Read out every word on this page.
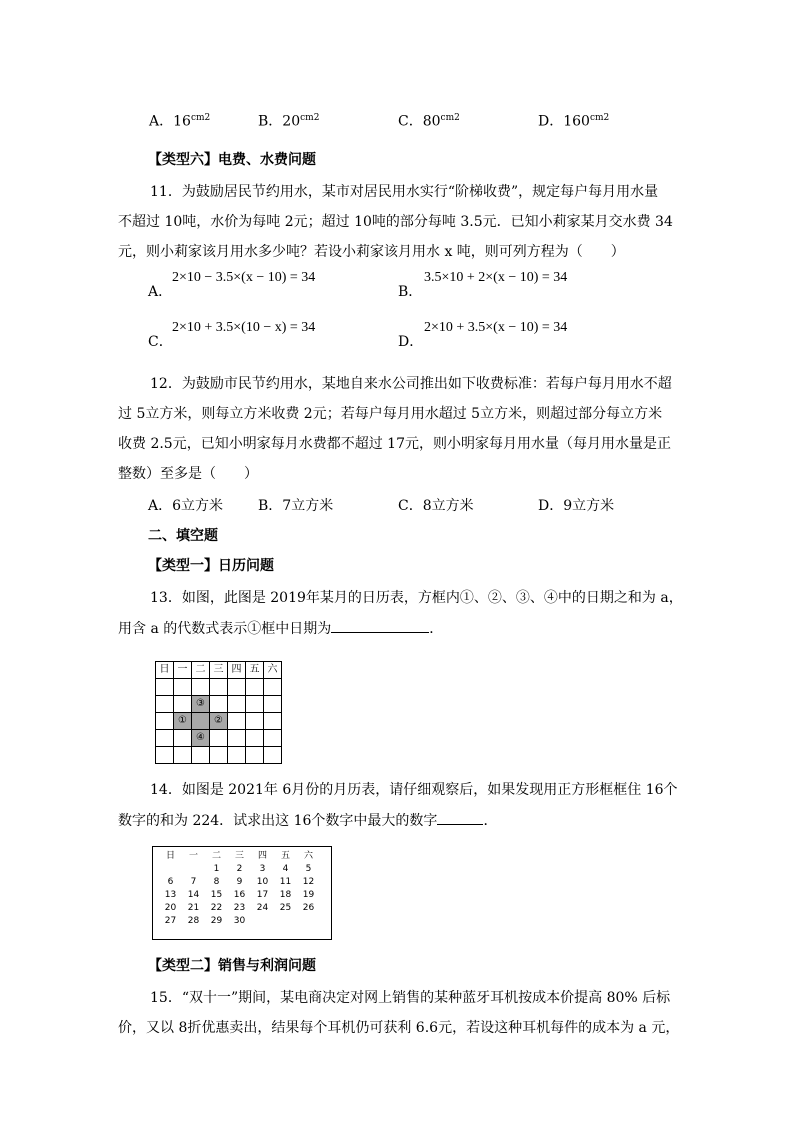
A．$16^{cm2}$	B．$20^{cm2}$	C．$80^{cm2}$	D．$160^{cm2}$
【类型六】电费、水费问题
11．为鼓励居民节约用水，某市对居民用水实行“阶梯收费”，规定每户每月用水量
不超过 10吨，水价为每吨 2元；超过 10吨的部分每吨 3.5元．已知小莉家某月交水费 34
元，则小莉家该月用水多少吨？若设小莉家该月用水 x 吨，则可列方程为（　　）
A．
2×10 − 3.5×(x − 10) = 34
B．
3.5×10 + 2×(x − 10) = 34
C．
2×10 + 3.5×(10 − x) = 34
D．
2×10 + 3.5×(x − 10) = 34
12．为鼓励市民节约用水，某地自来水公司推出如下收费标准：若每户每月用水不超
过 5立方米，则每立方米收费 2元；若每户每月用水超过 5立方米，则超过部分每立方米
收费 2.5元，已知小明家每月水费都不超过 17元，则小明家每月用水量（每月用水量是正
整数）至多是（　　）
A．6立方米 B．7立方米	C．8立方米	D．9立方米
二、填空题
【类型一】日历问题
13．如图，此图是 2019年某月的日历表，方框内①、②、③、④中的日期之和为 a，
用含 a 的代数式表示①框中日期为	．
日	一	二	三	四	五	六

		③				
	①		②			
		④				

14．如图是 2021年 6月份的月历表，请仔细观察后，如果发现用正方形框框住 16个
数字的和为 224．试求出这 16个数字中最大的数字	．
日	一	二	三	四	五	六
		1	2	3	4	5
6	7	8	9	10	11	12
13	14	15	16	17	18	19
20	21	22	23	24	25	26
27	28	29	30			
【类型二】销售与利润问题
15．“双十一”期间，某电商决定对网上销售的某种蓝牙耳机按成本价提高 80% 后标
价，又以 8折优惠卖出，结果每个耳机仍可获利 6.6元，若设这种耳机每件的成本为 a 元，
